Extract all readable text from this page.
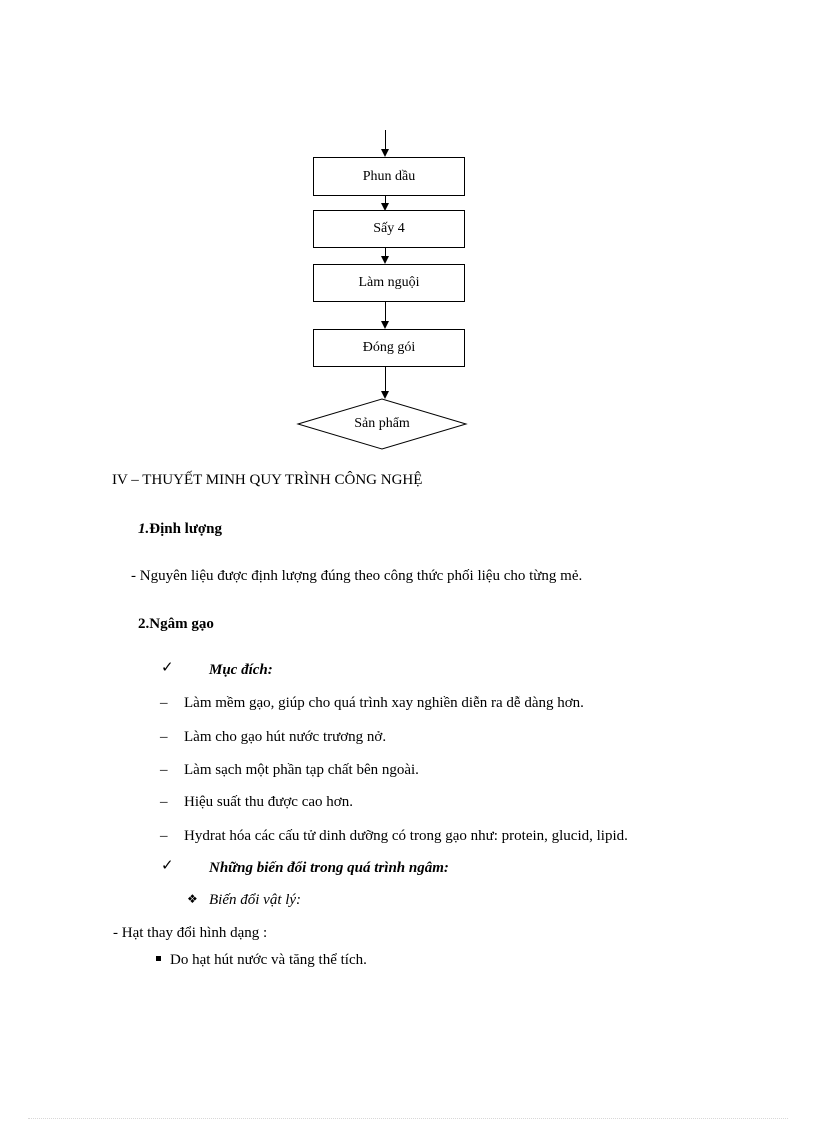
Phun dầu
Sấy 4
Làm nguội
Đóng gói
Sản phẩm
IV – THUYẾT MINH QUY TRÌNH CÔNG NGHỆ
1.Định lượng
- Nguyên liệu được định lượng đúng theo công thức phối liệu cho từng mẻ.
2.Ngâm gạo
✓ Mục đích:
– Làm mềm gạo, giúp cho quá trình xay nghiền diễn ra dễ dàng hơn.
– Làm cho gạo hút nước trương nở.
– Làm sạch một phần tạp chất bên ngoài.
– Hiệu suất thu được cao hơn.
– Hydrat hóa các cấu tử dinh dưỡng có trong gạo như: protein, glucid, lipid.
✓ Những biến đổi trong quá trình ngâm:
❖ Biến đổi vật lý:
- Hạt thay đổi hình dạng :
Do hạt hút nước và tăng thể tích.
